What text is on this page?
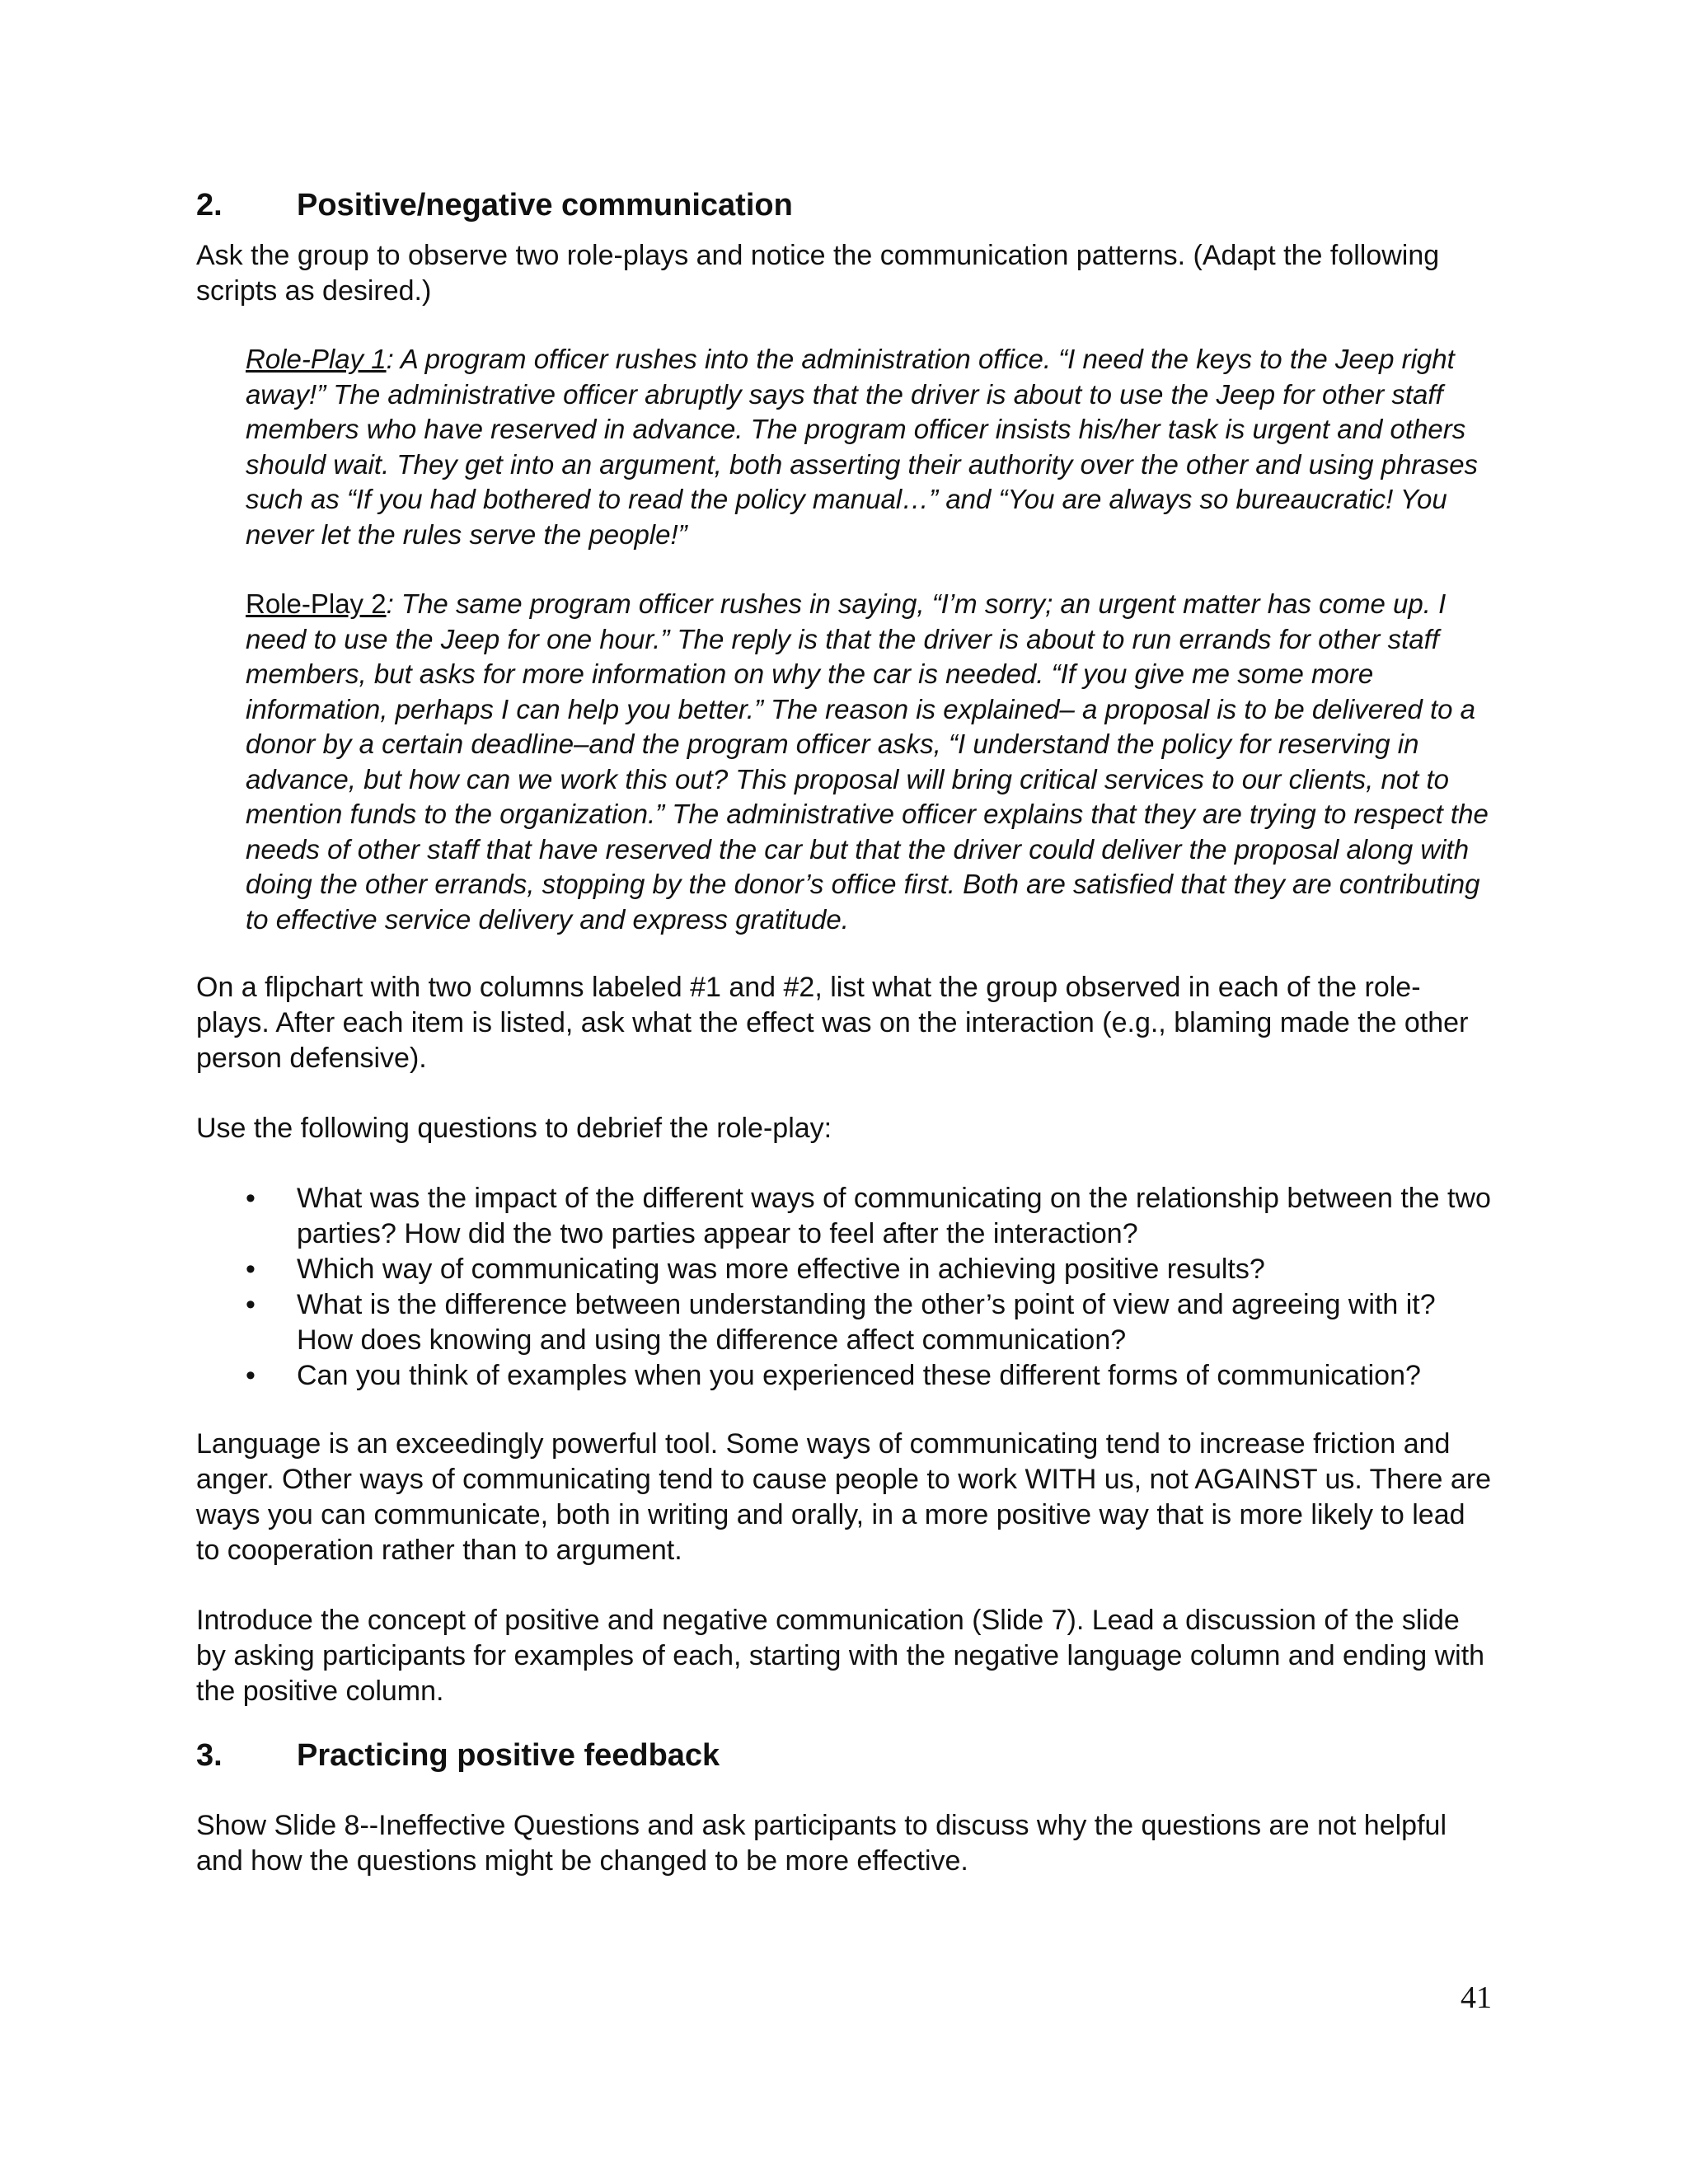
2.	Positive/negative communication

Ask the group to observe two role-plays and notice the communication patterns. (Adapt the following scripts as desired.)

Role-Play 1: A program officer rushes into the administration office. “I need the keys to the Jeep right away!” The administrative officer abruptly says that the driver is about to use the Jeep for other staff members who have reserved in advance. The program officer insists his/her task is urgent and others should wait. They get into an argument, both asserting their authority over the other and using phrases such as “If you had bothered to read the policy manual…” and “You are always so bureaucratic! You never let the rules serve the people!”

Role-Play 2: The same program officer rushes in saying, “I’m sorry; an urgent matter has come up. I need to use the Jeep for one hour.” The reply is that the driver is about to run errands for other staff members, but asks for more information on why the car is needed. “If you give me some more information, perhaps I can help you better.” The reason is explained– a proposal is to be delivered to a donor by a certain deadline–and the program officer asks, “I understand the policy for reserving in advance, but how can we work this out? This proposal will bring critical services to our clients, not to mention funds to the organization.” The administrative officer explains that they are trying to respect the needs of other staff that have reserved the car but that the driver could deliver the proposal along with doing the other errands, stopping by the donor’s office first. Both are satisfied that they are contributing to effective service delivery and express gratitude.

On a flipchart with two columns labeled #1 and #2, list what the group observed in each of the role-plays. After each item is listed, ask what the effect was on the interaction (e.g., blaming made the other person defensive).

Use the following questions to debrief the role-play:

• What was the impact of the different ways of communicating on the relationship between the two parties? How did the two parties appear to feel after the interaction?
• Which way of communicating was more effective in achieving positive results?
• What is the difference between understanding the other’s point of view and agreeing with it? How does knowing and using the difference affect communication?
• Can you think of examples when you experienced these different forms of communication?

Language is an exceedingly powerful tool. Some ways of communicating tend to increase friction and anger. Other ways of communicating tend to cause people to work WITH us, not AGAINST us. There are ways you can communicate, both in writing and orally, in a more positive way that is more likely to lead to cooperation rather than to argument.

Introduce the concept of positive and negative communication (Slide 7). Lead a discussion of the slide by asking participants for examples of each, starting with the negative language column and ending with the positive column.

3.	Practicing positive feedback

Show Slide 8--Ineffective Questions and ask participants to discuss why the questions are not helpful and how the questions might be changed to be more effective.

41
